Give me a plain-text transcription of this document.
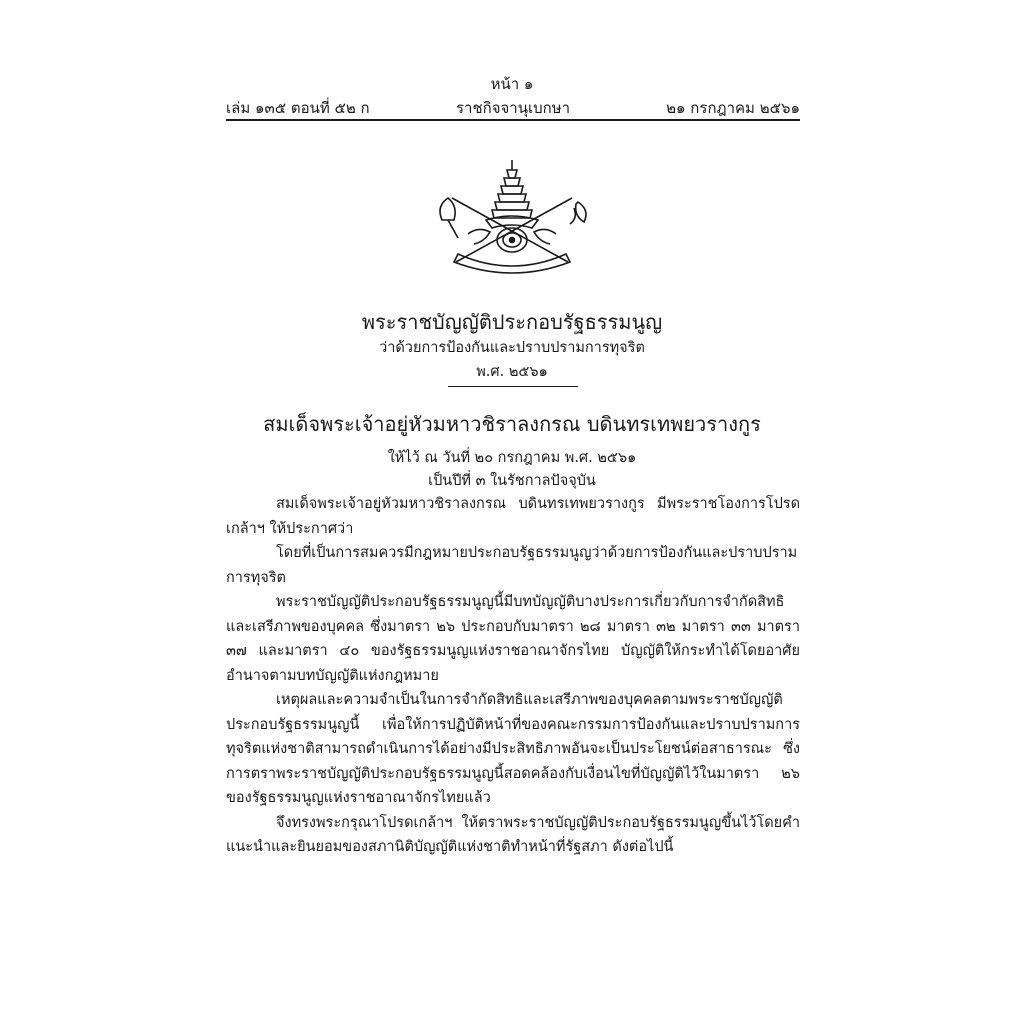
หน้า ๑
เล่ม ๑๓๕ ตอนที่ ๕๒ ก	ราชกิจจานุเบกษา	๒๑ กรกฎาคม ๒๕๖๑
พระราชบัญญัติประกอบรัฐธรรมนูญ
ว่าด้วยการป้องกันและปราบปรามการทุจริต
พ.ศ. ๒๕๖๑
สมเด็จพระเจ้าอยู่หัวมหาวชิราลงกรณ บดินทรเทพยวรางกูร
ให้ไว้ ณ วันที่ ๒๐ กรกฎาคม พ.ศ. ๒๕๖๑
เป็นปีที่ ๓ ในรัชกาลปัจจุบัน

สมเด็จพระเจ้าอยู่หัวมหาวชิราลงกรณ บดินทรเทพยวรางกูร มีพระราชโองการโปรดเกล้าฯ ให้ประกาศว่า

โดยที่เป็นการสมควรมีกฎหมายประกอบรัฐธรรมนูญว่าด้วยการป้องกันและปราบปรามการทุจริต

พระราชบัญญัติประกอบรัฐธรรมนูญนี้มีบทบัญญัติบางประการเกี่ยวกับการจำกัดสิทธิและเสรีภาพของบุคคล ซึ่งมาตรา ๒๖ ประกอบกับมาตรา ๒๘ มาตรา ๓๒ มาตรา ๓๓ มาตรา ๓๗ และมาตรา ๔๐ ของรัฐธรรมนูญแห่งราชอาณาจักรไทย บัญญัติให้กระทำได้โดยอาศัยอำนาจตามบทบัญญัติแห่งกฎหมาย

เหตุผลและความจำเป็นในการจำกัดสิทธิและเสรีภาพของบุคคลตามพระราชบัญญัติประกอบรัฐธรรมนูญนี้ เพื่อให้การปฏิบัติหน้าที่ของคณะกรรมการป้องกันและปราบปรามการทุจริตแห่งชาติสามารถดำเนินการได้อย่างมีประสิทธิภาพอันจะเป็นประโยชน์ต่อสาธารณะ ซึ่งการตราพระราชบัญญัติประกอบรัฐธรรมนูญนี้สอดคล้องกับเงื่อนไขที่บัญญัติไว้ในมาตรา ๒๖ ของรัฐธรรมนูญแห่งราชอาณาจักรไทยแล้ว

จึงทรงพระกรุณาโปรดเกล้าฯ ให้ตราพระราชบัญญัติประกอบรัฐธรรมนูญขึ้นไว้โดยคำแนะนำและยินยอมของสภานิติบัญญัติแห่งชาติทำหน้าที่รัฐสภา ดังต่อไปนี้
